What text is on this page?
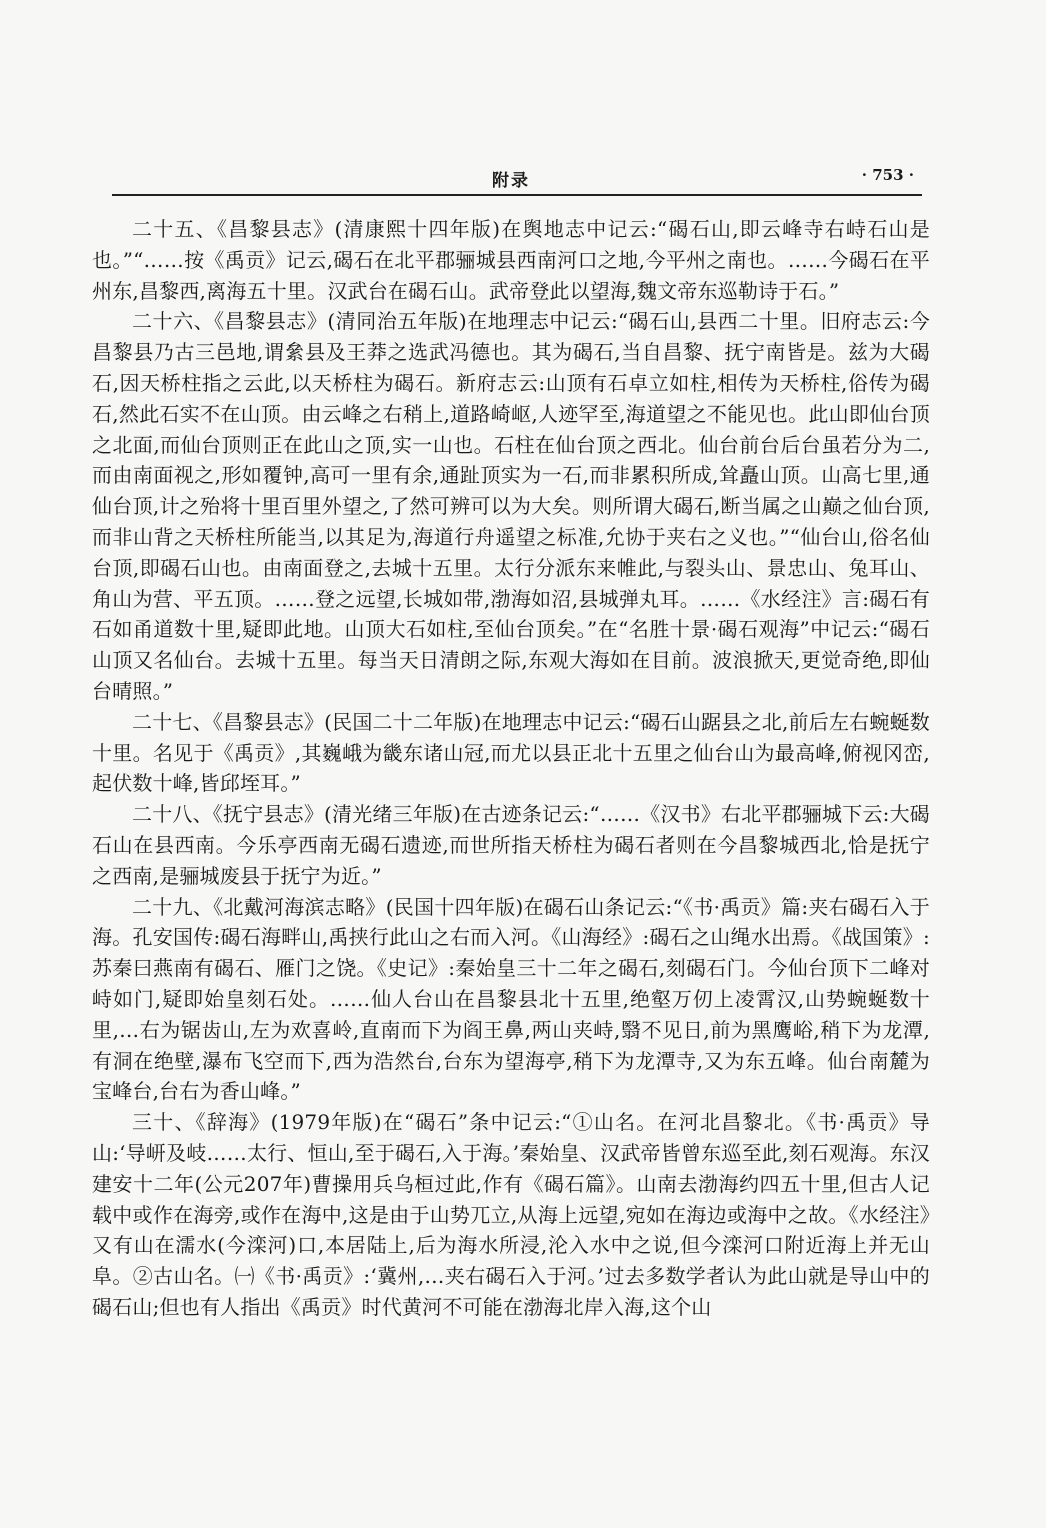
附录	· 753 ·

二十五、《昌黎县志》(清康熙十四年版)在舆地志中记云:“碣石山,即云峰寺右峙石山是也。”“……按《禹贡》记云,碣石在北平郡骊城县西南河口之地,今平州之南也。……今碣石在平州东,昌黎西,离海五十里。汉武台在碣石山。武帝登此以望海,魏文帝东巡勒诗于石。”

二十六、《昌黎县志》(清同治五年版)在地理志中记云:“碣石山,县西二十里。旧府志云:今昌黎县乃古三邑地,谓絫县及王莽之选武冯德也。其为碣石,当自昌黎、抚宁南皆是。兹为大碣石,因天桥柱指之云此,以天桥柱为碣石。新府志云:山顶有石卓立如柱,相传为天桥柱,俗传为碣石,然此石实不在山顶。由云峰之右稍上,道路崎岖,人迹罕至,海道望之不能见也。此山即仙台顶之北面,而仙台顶则正在此山之顶,实一山也。石柱在仙台顶之西北。仙台前台后台虽若分为二,而由南面视之,形如覆钟,高可一里有余,通趾顶实为一石,而非累积所成,耸矗山顶。山高七里,通仙台顶,计之殆将十里百里外望之,了然可辨可以为大矣。则所谓大碣石,断当属之山巅之仙台顶,而非山背之天桥柱所能当,以其足为,海道行舟遥望之标准,允协于夹右之义也。”“仙台山,俗名仙台顶,即碣石山也。由南面登之,去城十五里。太行分派东来帷此,与裂头山、景忠山、兔耳山、角山为营、平五顶。……登之远望,长城如带,渤海如沼,县城弹丸耳。……《水经注》言:碣石有石如甬道数十里,疑即此地。山顶大石如柱,至仙台顶矣。”在“名胜十景·碣石观海”中记云:“碣石山顶又名仙台。去城十五里。每当天日清朗之际,东观大海如在目前。波浪掀天,更觉奇绝,即仙台晴照。”

二十七、《昌黎县志》(民国二十二年版)在地理志中记云:“碣石山踞县之北,前后左右蜿蜒数十里。名见于《禹贡》,其巍峨为畿东诸山冠,而尤以县正北十五里之仙台山为最高峰,俯视冈峦,起伏数十峰,皆邱垤耳。”

二十八、《抚宁县志》(清光绪三年版)在古迹条记云:“……《汉书》右北平郡骊城下云:大碣石山在县西南。今乐亭西南无碣石遗迹,而世所指天桥柱为碣石者则在今昌黎城西北,恰是抚宁之西南,是骊城废县于抚宁为近。”

二十九、《北戴河海滨志略》(民国十四年版)在碣石山条记云:“《书·禹贡》篇:夹右碣石入于海。孔安国传:碣石海畔山,禹挟行此山之右而入河。《山海经》:碣石之山绳水出焉。《战国策》:苏秦曰燕南有碣石、雁门之饶。《史记》:秦始皇三十二年之碣石,刻碣石门。今仙台顶下二峰对峙如门,疑即始皇刻石处。……仙人台山在昌黎县北十五里,绝壑万仞上凌霄汉,山势蜿蜒数十里,…右为锯齿山,左为欢喜岭,直南而下为阎王鼻,两山夹峙,翳不见日,前为黑鹰峪,稍下为龙潭,有洞在绝壁,瀑布飞空而下,西为浩然台,台东为望海亭,稍下为龙潭寺,又为东五峰。仙台南麓为宝峰台,台右为香山峰。”

三十、《辞海》(1979年版)在“碣石”条中记云:“①山名。在河北昌黎北。《书·禹贡》导山:‘导岍及岐……太行、恒山,至于碣石,入于海。’秦始皇、汉武帝皆曾东巡至此,刻石观海。东汉建安十二年(公元207年)曹操用兵乌桓过此,作有《碣石篇》。山南去渤海约四五十里,但古人记载中或作在海旁,或作在海中,这是由于山势兀立,从海上远望,宛如在海边或海中之故。《水经注》又有山在濡水(今滦河)口,本居陆上,后为海水所浸,沦入水中之说,但今滦河口附近海上并无山阜。②古山名。㈠《书·禹贡》:‘冀州,…夹右碣石入于河。’过去多数学者认为此山就是导山中的碣石山;但也有人指出《禹贡》时代黄河不可能在渤海北岸入海,这个山
